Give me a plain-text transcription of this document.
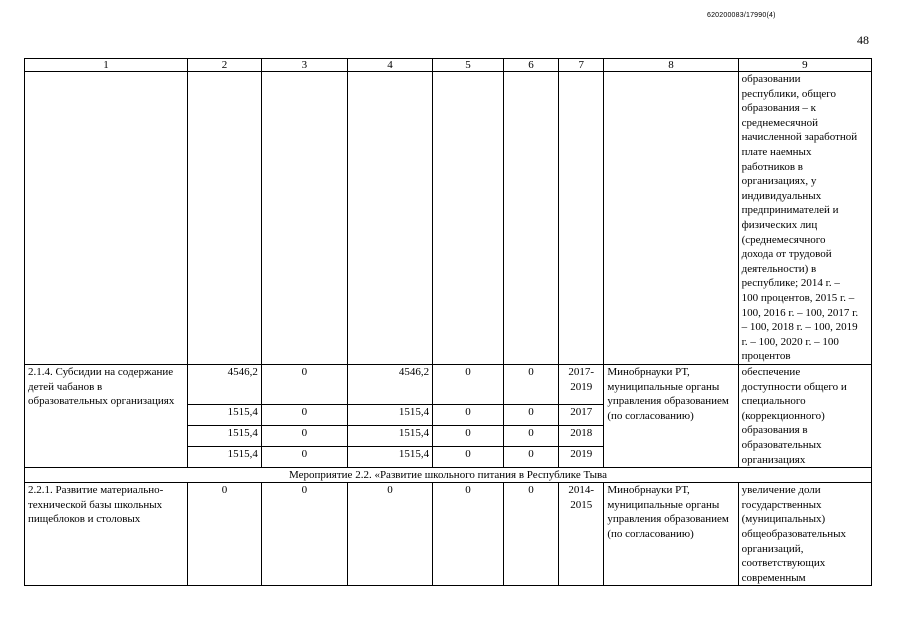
620200083/17990(4)
48
1	2	3	4	5	6	7	8	9
								образовании республики, общего образования – к среднемесячной начисленной заработной плате наемных работников в организациях, у индивидуальных предпринимателей и физических лиц (среднемесячного дохода от трудовой деятельности) в республике; 2014 г. – 100 процентов, 2015 г. – 100, 2016 г. – 100, 2017 г. – 100, 2018 г. – 100, 2019 г. – 100, 2020 г. – 100 процентов
2.1.4. Субсидии на содержание детей чабанов в образовательных организациях	4546,2	0	4546,2	0	0	2017-2019	Минобрнауки РТ, муниципальные органы управления образованием (по согласованию)	обеспечение доступности общего и специального (коррекционного) образования в образовательных организациях
	1515,4	0	1515,4	0	0	2017		
	1515,4	0	1515,4	0	0	2018		
	1515,4	0	1515,4	0	0	2019		
Мероприятие 2.2. «Развитие школьного питания в Республике Тыва								
2.2.1. Развитие материально-технической базы школьных пищеблоков и столовых	0	0	0	0	0	2014-2015	Минобрнауки РТ, муниципальные органы управления образованием (по согласованию)	увеличение доли государственных (муниципальных) общеобразовательных организаций, соответствующих современным
